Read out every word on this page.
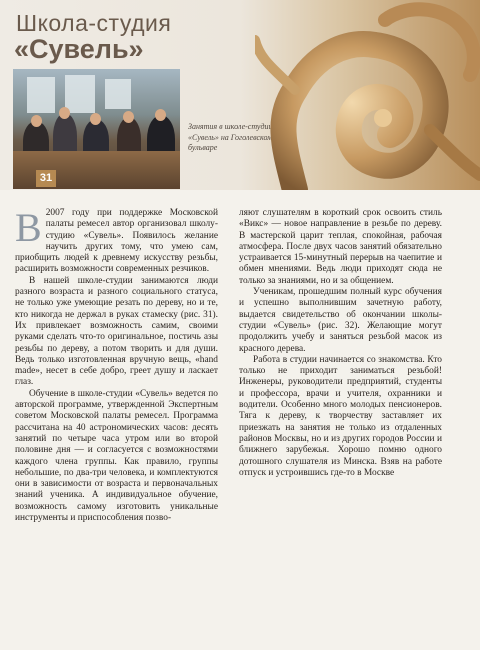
Школа-студия
«Сувель»
31
Занятия в школе-студии «Сувель» на Гоголевском бульваре

В 2007 году при поддержке Московской палаты ремесел автор организовал школу-студию «Сувель». Появилось желание научить других тому, что умею сам, приобщить людей к древнему искусству резьбы, расширить возможности современных резчиков.

В нашей школе-студии занимаются люди разного возраста и разного социального статуса, не только уже умеющие резать по дереву, но и те, кто никогда не держал в руках стамеску (рис. 31). Их привлекает возможность самим, своими руками сделать что-то оригинальное, постичь азы резьбы по дереву, а потом творить и для души. Ведь только изготовленная вручную вещь, «hand made», несет в себе добро, греет душу и ласкает глаз.

Обучение в школе-студии «Сувель» ведется по авторской программе, утвержденной Экспертным советом Московской палаты ремесел. Программа рассчитана на 40 астрономических часов: десять занятий по четыре часа утром или во второй половине дня — и согласуется с возможностями каждого члена группы. Как правило, группы небольшие, по два-три человека, и комплектуются они в зависимости от возраста и первоначальных знаний ученика. А индивидуальное обучение, возможность самому изготовить уникальные инструменты и приспособления позво-

ляют слушателям в короткий срок освоить стиль «Викс» — новое направление в резьбе по дереву. В мастерской царит теплая, спокойная, рабочая атмосфера. После двух часов занятий обязательно устраивается 15-минутный перерыв на чаепитие и обмен мнениями. Ведь люди приходят сюда не только за знаниями, но и за общением.

Ученикам, прошедшим полный курс обучения и успешно выполнившим зачетную работу, выдается свидетельство об окончании школы-студии «Сувель» (рис. 32). Желающие могут продолжить учебу и заняться резьбой масок из красного дерева.

Работа в студии начинается со знакомства. Кто только не приходит заниматься резьбой! Инженеры, руководители предприятий, студенты и профессора, врачи и учителя, охранники и водители. Особенно много молодых пенсионеров. Тяга к дереву, к творчеству заставляет их приезжать на занятия не только из отдаленных районов Москвы, но и из других городов России и ближнего зарубежья. Хорошо помню одного дотошного слушателя из Минска. Взяв на работе отпуск и устроившись где-то в Москве
